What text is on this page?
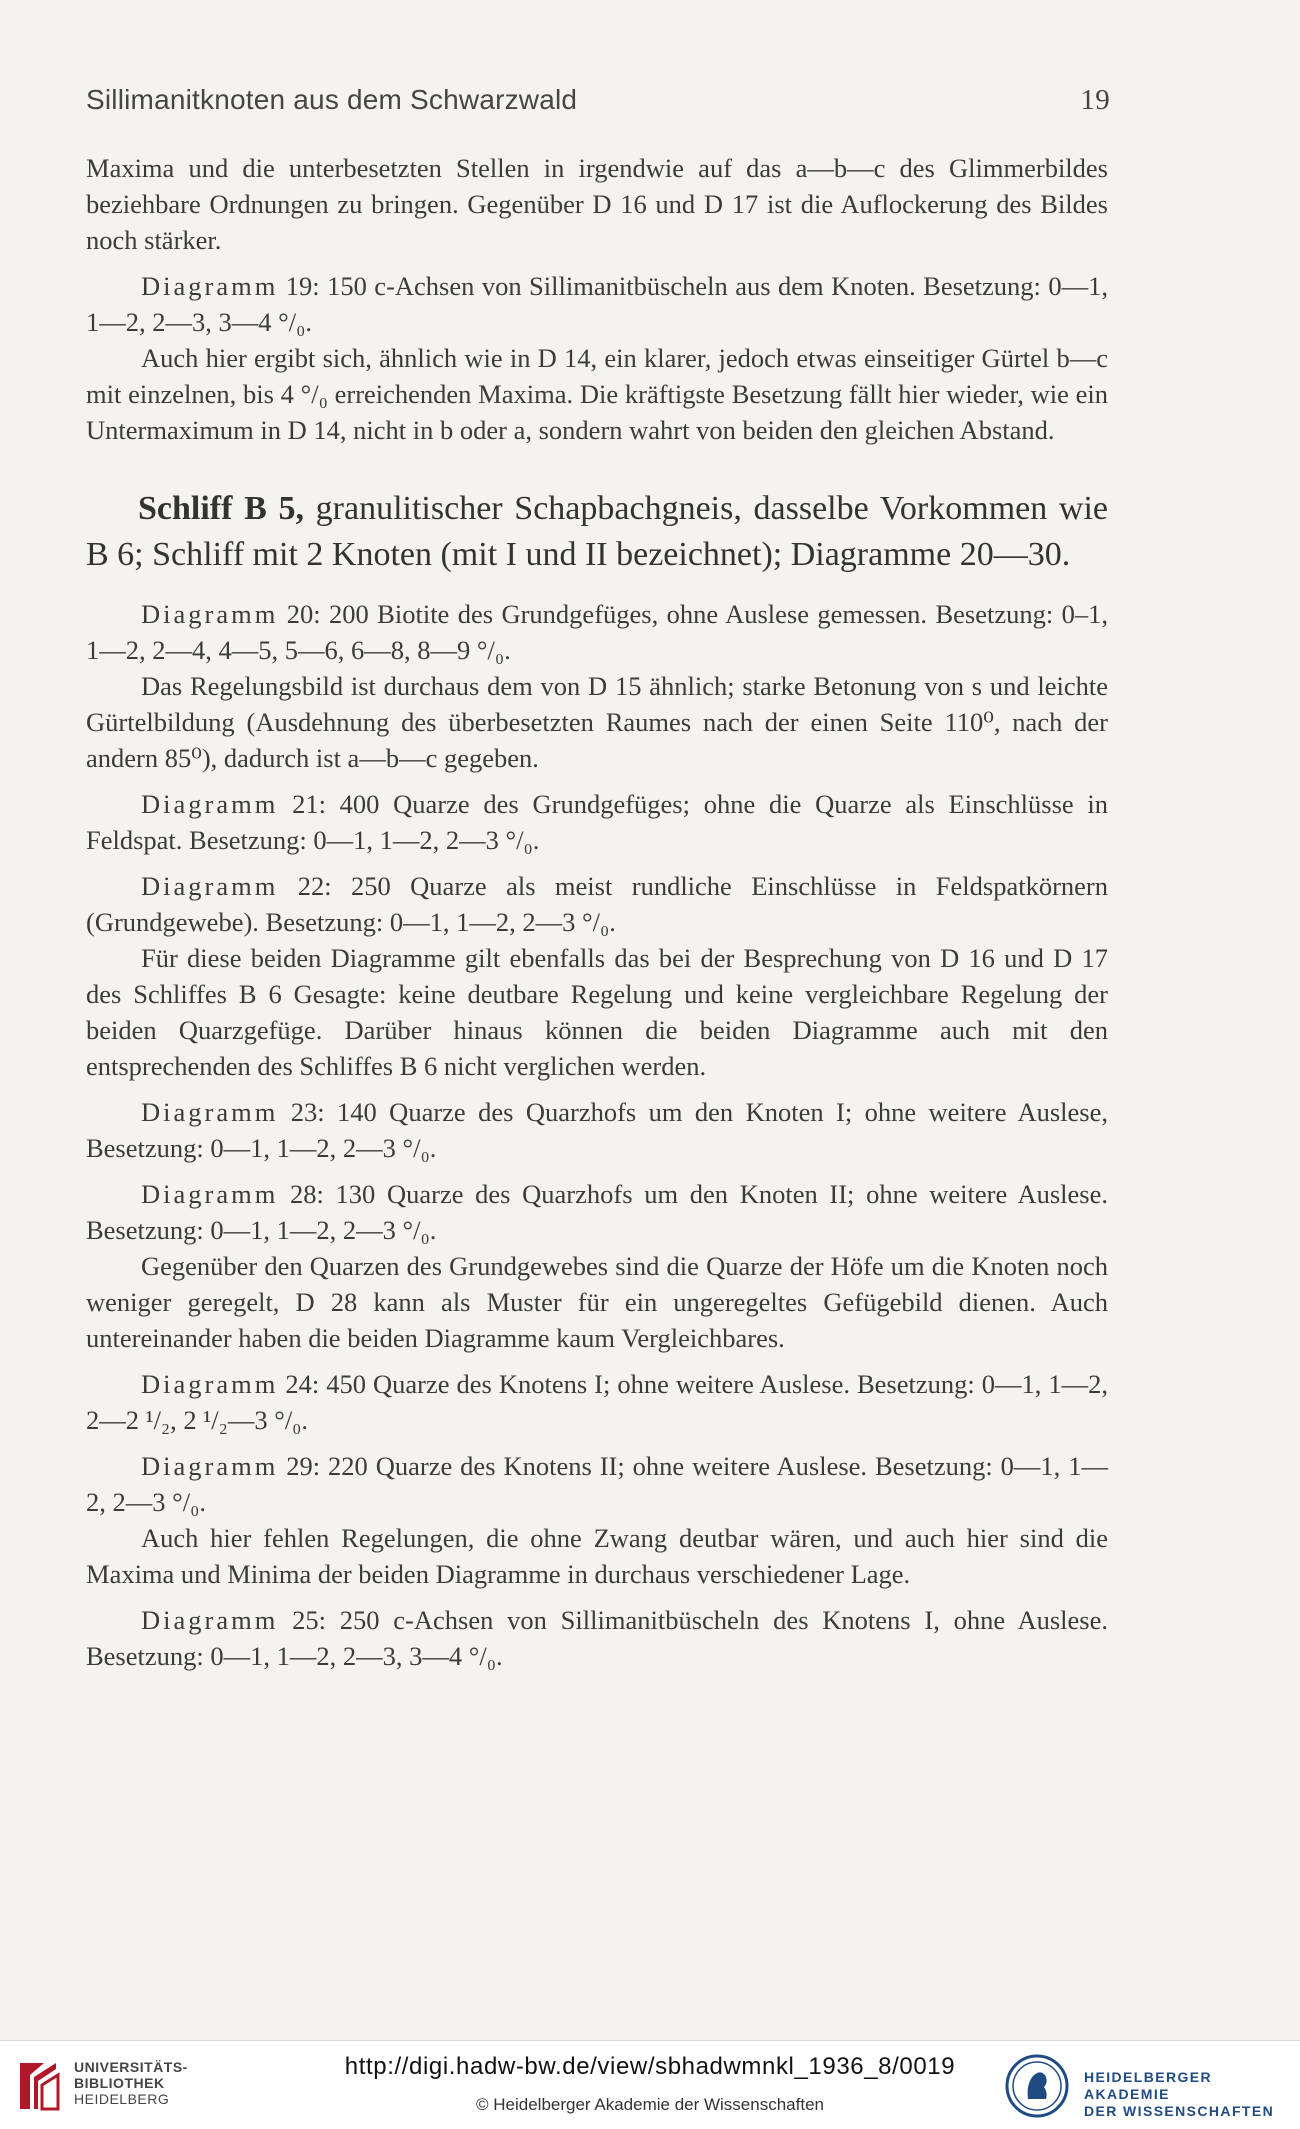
Sillimanitknoten aus dem Schwarzwald	19

Maxima und die unterbesetzten Stellen in irgendwie auf das a—b—c des Glimmerbildes beziehbare Ordnungen zu bringen. Gegenüber D 16 und D 17 ist die Auflockerung des Bildes noch stärker.

Diagramm 19: 150 c-Achsen von Sillimanitbüscheln aus dem Knoten. Besetzung: 0—1, 1—2, 2—3, 3—4 °/₀.

Auch hier ergibt sich, ähnlich wie in D 14, ein klarer, jedoch etwas einseitiger Gürtel b—c mit einzelnen, bis 4 °/₀ erreichenden Maxima. Die kräftigste Besetzung fällt hier wieder, wie ein Untermaximum in D 14, nicht in b oder a, sondern wahrt von beiden den gleichen Abstand.

Schliff B 5, granulitischer Schapbachgneis, dasselbe Vorkommen wie B 6; Schliff mit 2 Knoten (mit I und II bezeichnet); Diagramme 20—30.

Diagramm 20: 200 Biotite des Grundgefüges, ohne Auslese gemessen. Besetzung: 0–1, 1—2, 2—4, 4—5, 5—6, 6—8, 8—9 °/₀.

Das Regelungsbild ist durchaus dem von D 15 ähnlich; starke Betonung von s und leichte Gürtelbildung (Ausdehnung des überbesetzten Raumes nach der einen Seite 110⁰, nach der andern 85⁰), dadurch ist a—b—c gegeben.

Diagramm 21: 400 Quarze des Grundgefüges; ohne die Quarze als Einschlüsse in Feldspat. Besetzung: 0—1, 1—2, 2—3 °/₀.

Diagramm 22: 250 Quarze als meist rundliche Einschlüsse in Feldspatkörnern (Grundgewebe). Besetzung: 0—1, 1—2, 2—3 °/₀.

Für diese beiden Diagramme gilt ebenfalls das bei der Besprechung von D 16 und D 17 des Schliffes B 6 Gesagte: keine deutbare Regelung und keine vergleichbare Regelung der beiden Quarzgefüge. Darüber hinaus können die beiden Diagramme auch mit den entsprechenden des Schliffes B 6 nicht verglichen werden.

Diagramm 23: 140 Quarze des Quarzhofs um den Knoten I; ohne weitere Auslese, Besetzung: 0—1, 1—2, 2—3 °/₀.

Diagramm 28: 130 Quarze des Quarzhofs um den Knoten II; ohne weitere Auslese. Besetzung: 0—1, 1—2, 2—3 °/₀.

Gegenüber den Quarzen des Grundgewebes sind die Quarze der Höfe um die Knoten noch weniger geregelt, D 28 kann als Muster für ein ungeregeltes Gefügebild dienen. Auch untereinander haben die beiden Diagramme kaum Vergleichbares.

Diagramm 24: 450 Quarze des Knotens I; ohne weitere Auslese. Besetzung: 0—1, 1—2, 2—2 ¹/₂, 2 ¹/₂—3 °/₀.

Diagramm 29: 220 Quarze des Knotens II; ohne weitere Auslese. Besetzung: 0—1, 1—2, 2—3 °/₀.

Auch hier fehlen Regelungen, die ohne Zwang deutbar wären, und auch hier sind die Maxima und Minima der beiden Diagramme in durchaus verschiedener Lage.

Diagramm 25: 250 c-Achsen von Sillimanitbüscheln des Knotens I, ohne Auslese. Besetzung: 0—1, 1—2, 2—3, 3—4 °/₀.

UNIVERSITÄTS-
BIBLIOTHEK
HEIDELBERG
http://digi.hadw-bw.de/view/sbhadwmnkl_1936_8/0019
© Heidelberger Akademie der Wissenschaften
HEIDELBERGER AKADEMIE
DER WISSENSCHAFTEN
